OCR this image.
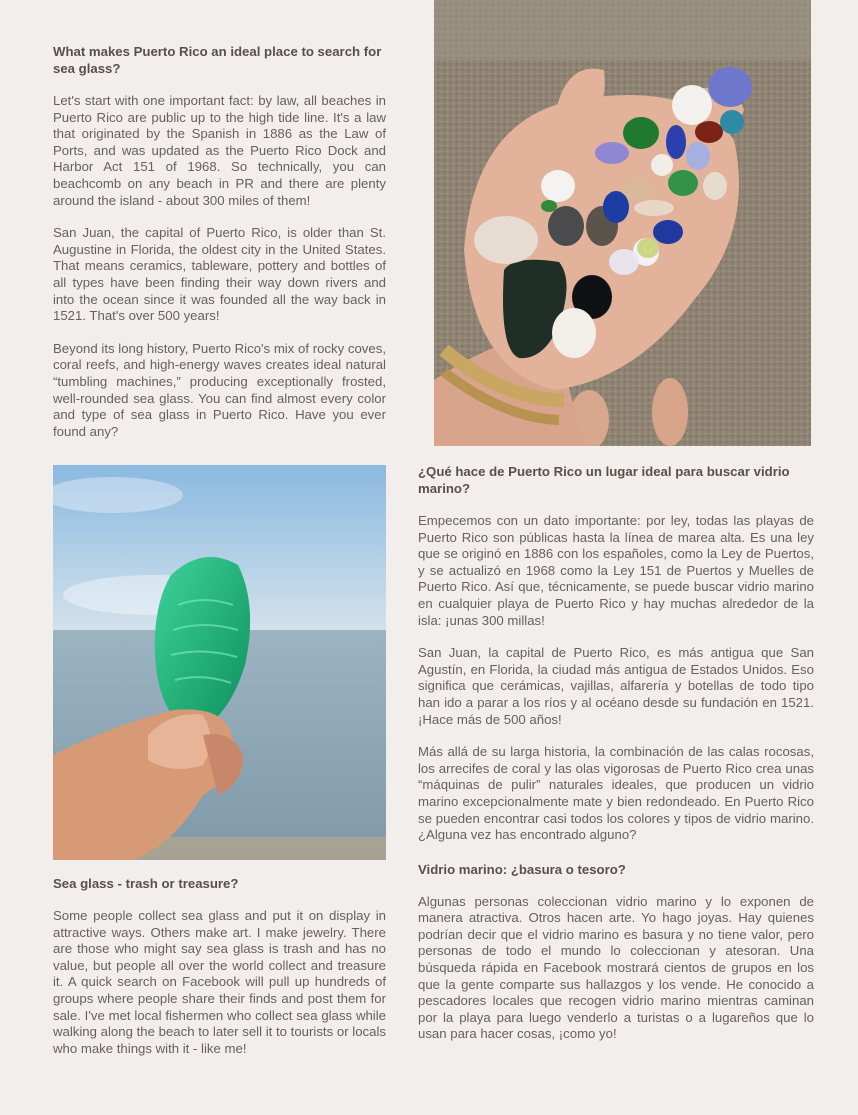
What makes Puerto Rico an ideal place to search for sea glass?

Let's start with one important fact: by law, all beaches in Puerto Rico are public up to the high tide line. It's a law that originated by the Spanish in 1886 as the Law of Ports, and was updated as the Puerto Rico Dock and Harbor Act 151 of 1968. So technically, you can beachcomb on any beach in PR and there are plenty around the island - about 300 miles of them!

San Juan, the capital of Puerto Rico, is older than St. Augustine in Florida, the oldest city in the United States. That means ceramics, tableware, pottery and bottles of all types have been finding their way down rivers and into the ocean since it was founded all the way back in 1521. That's over 500 years!

Beyond its long history, Puerto Rico's mix of rocky coves, coral reefs, and high-energy waves creates ideal natural “tumbling machines,” producing exceptionally frosted, well-rounded sea glass. You can find almost every color and type of sea glass in Puerto Rico. Have you ever found any?

Sea glass - trash or treasure?

Some people collect sea glass and put it on display in attractive ways. Others make art. I make jewelry. There are those who might say sea glass is trash and has no value, but people all over the world collect and treasure it. A quick search on Facebook will pull up hundreds of groups where people share their finds and post them for sale. I've met local fishermen who collect sea glass while walking along the beach to later sell it to tourists or locals who make things with it - like me!

¿Qué hace de Puerto Rico un lugar ideal para buscar vidrio marino?

Empecemos con un dato importante: por ley, todas las playas de Puerto Rico son públicas hasta la línea de marea alta. Es una ley que se originó en 1886 con los españoles, como la Ley de Puertos, y se actualizó en 1968 como la Ley 151 de Puertos y Muelles de Puerto Rico. Así que, técnicamente, se puede buscar vidrio marino en cualquier playa de Puerto Rico y hay muchas alrededor de la isla: ¡unas 300 millas!

San Juan, la capital de Puerto Rico, es más antigua que San Agustín, en Florida, la ciudad más antigua de Estados Unidos. Eso significa que cerámicas, vajillas, alfarería y botellas de todo tipo han ido a parar a los ríos y al océano desde su fundación en 1521. ¡Hace más de 500 años!

Más allá de su larga historia, la combinación de las calas rocosas, los arrecifes de coral y las olas vigorosas de Puerto Rico crea unas “máquinas de pulir” naturales ideales, que producen un vidrio marino excepcionalmente mate y bien redondeado. En Puerto Rico se pueden encontrar casi todos los colores y tipos de vidrio marino. ¿Alguna vez has encontrado alguno?

Vidrio marino: ¿basura o tesoro?

Algunas personas coleccionan vidrio marino y lo exponen de manera atractiva. Otros hacen arte. Yo hago joyas. Hay quienes podrían decir que el vidrio marino es basura y no tiene valor, pero personas de todo el mundo lo coleccionan y atesoran. Una búsqueda rápida en Facebook mostrará cientos de grupos en los que la gente comparte sus hallazgos y los vende. He conocido a pescadores locales que recogen vidrio marino mientras caminan por la playa para luego venderlo a turistas o a lugareños que lo usan para hacer cosas, ¡como yo!
